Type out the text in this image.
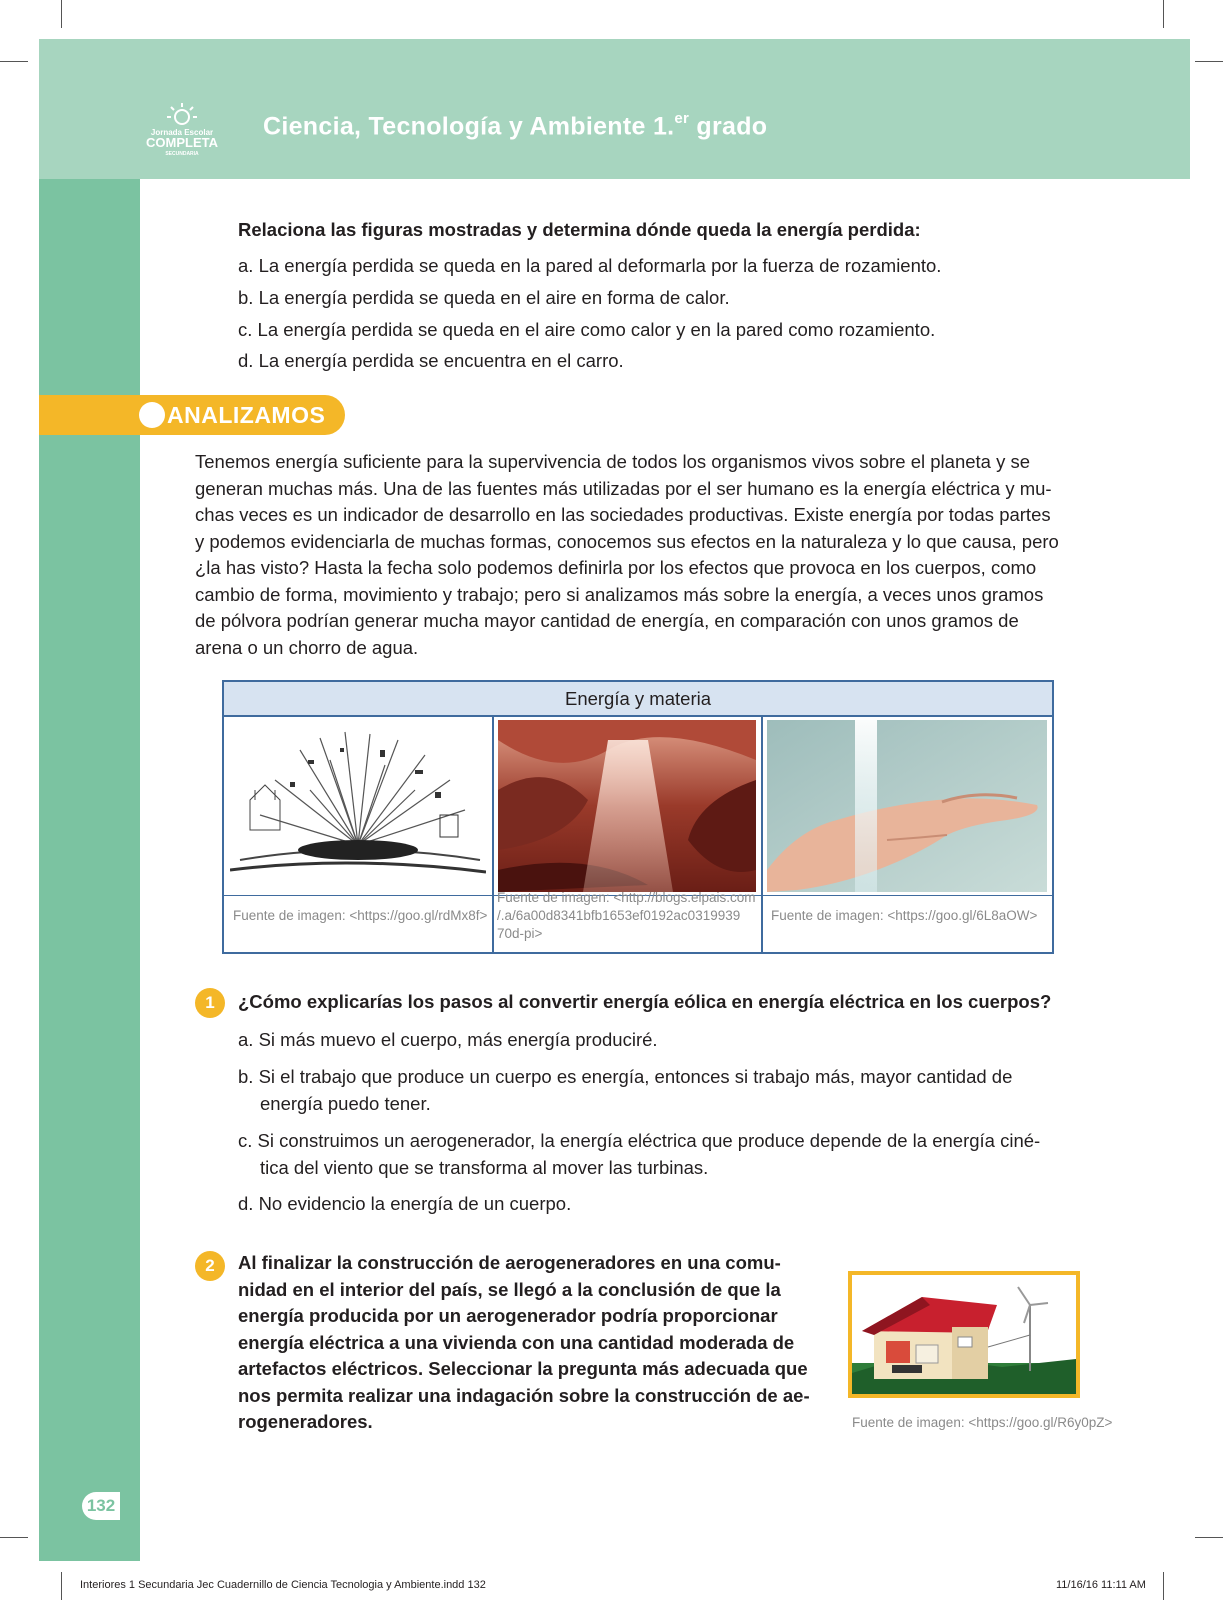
Jornada Escolar
COMPLETA
SECUNDARIA
Ciencia, Tecnología y Ambiente 1.$^{er}$ grado
132
Relaciona las figuras mostradas y determina dónde queda la energía perdida:
a. La energía perdida se queda en la pared al deformarla por la fuerza de rozamiento.
b. La energía perdida se queda en el aire en forma de calor.
c. La energía perdida se queda en el aire como calor y en la pared como rozamiento.
d. La energía perdida se encuentra en el carro.
ANALIZAMOS
Tenemos energía suficiente para la supervivencia de todos los organismos vivos sobre el planeta y se
generan muchas más. Una de las fuentes más utilizadas por el ser humano es la energía eléctrica y mu-
chas veces es un indicador de desarrollo en las sociedades productivas. Existe energía por todas partes
y podemos evidenciarla de muchas formas, conocemos sus efectos en la naturaleza y lo que causa, pero
¿la has visto? Hasta la fecha solo podemos definirla por los efectos que provoca en los cuerpos, como
cambio de forma, movimiento y trabajo; pero si analizamos más sobre la energía, a veces unos gramos
de pólvora podrían generar mucha mayor cantidad de energía, en comparación con unos gramos de
arena o un chorro de agua.
Energía y materia
Fuente de imagen: <https://goo.gl/rdMx8f>
Fuente de imagen: <http://blogs.elpais.com
/.a/6a00d8341bfb1653ef0192ac0319939
70d-pi>
Fuente de imagen: <https://goo.gl/6L8aOW>
1	¿Cómo explicarías los pasos al convertir energía eólica en energía eléctrica en los cuerpos?
a. Si más muevo el cuerpo, más energía produciré.
b. Si el trabajo que produce un cuerpo es energía, entonces si trabajo más, mayor cantidad de
energía puedo tener.
c. Si construimos un aerogenerador, la energía eléctrica que produce depende de la energía ciné-
tica del viento que se transforma al mover las turbinas.
d. No evidencio la energía de un cuerpo.
2	Al finalizar la construcción de aerogeneradores en una comu-
nidad en el interior del país, se llegó a la conclusión de que la
energía producida por un aerogenerador podría proporcionar
energía eléctrica a una vivienda con una cantidad moderada de
artefactos eléctricos. Seleccionar la pregunta más adecuada que
nos permita realizar una indagación sobre la construcción de ae-
rogeneradores.	Fuente de imagen: <https://goo.gl/R6y0pZ>
Interiores 1 Secundaria Jec Cuadernillo de Ciencia Tecnologia y Ambiente.indd 132	11/16/16 11:11 AM
